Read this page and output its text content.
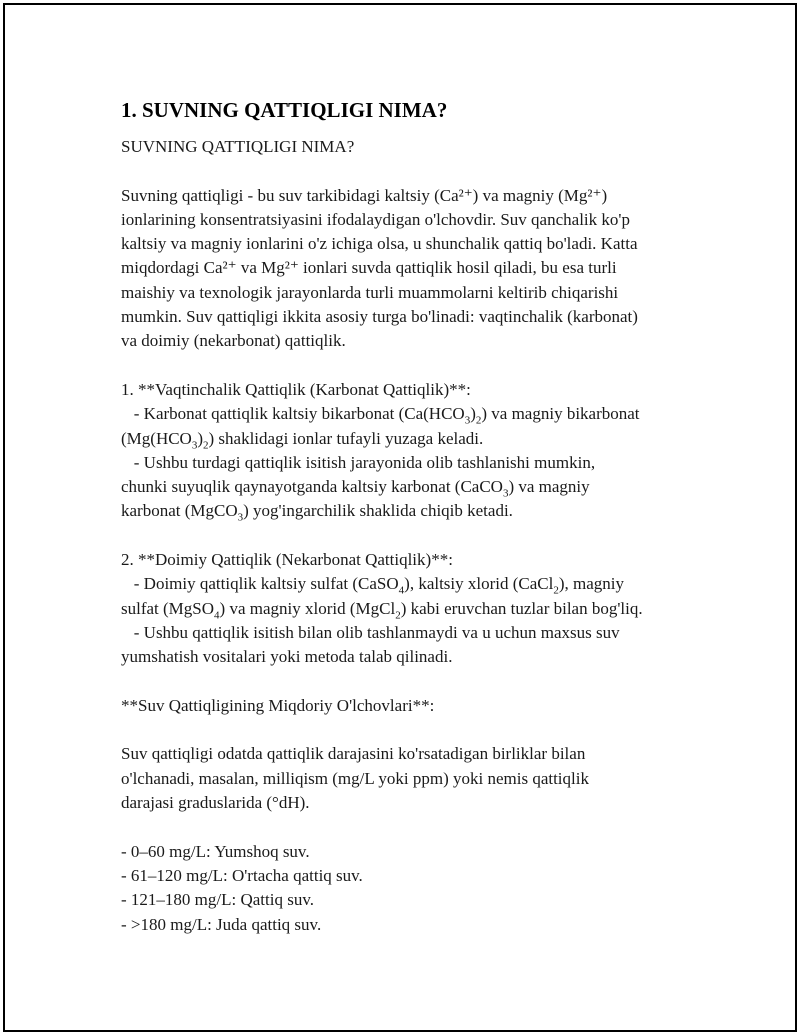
1. SUVNING QATTIQLIGI NIMA?

SUVNING QATTIQLIGI NIMA?

Suvning qattiqligi - bu suv tarkibidagi kaltsiy (Ca²⁺) va magniy (Mg²⁺)

ionlarining konsentratsiyasini ifodalaydigan o'lchovdir. Suv qanchalik ko'p

kaltsiy va magniy ionlarini o'z ichiga olsa, u shunchalik qattiq bo'ladi. Katta

miqdordagi Ca²⁺ va Mg²⁺ ionlari suvda qattiqlik hosil qiladi, bu esa turli

maishiy va texnologik jarayonlarda turli muammolarni keltirib chiqarishi

mumkin. Suv qattiqligi ikkita asosiy turga bo'linadi: vaqtinchalik (karbonat)

va doimiy (nekarbonat) qattiqlik.

1. **Vaqtinchalik Qattiqlik (Karbonat Qattiqlik)**:

- Karbonat qattiqlik kaltsiy bikarbonat $(Ca(HCO_3)_2)$ va magniy bikarbonat

$(Mg(HCO_3)_2)$ shaklidagi ionlar tufayli yuzaga keladi.

- Ushbu turdagi qattiqlik isitish jarayonida olib tashlanishi mumkin,

chunki suyuqlik qaynayotganda kaltsiy karbonat (CaCO$_3$) va magniy

karbonat (MgCO$_3$) yog'ingarchilik shaklida chiqib ketadi.

2. **Doimiy Qattiqlik (Nekarbonat Qattiqlik)**:

- Doimiy qattiqlik kaltsiy sulfat (CaSO$_4$), kaltsiy xlorid (CaCl$_2$), magniy

sulfat (MgSO$_4$) va magniy xlorid (MgCl$_2$) kabi eruvchan tuzlar bilan bog'liq.

- Ushbu qattiqlik isitish bilan olib tashlanmaydi va u uchun maxsus suv

yumshatish vositalari yoki metoda talab qilinadi.

**Suv Qattiqligining Miqdoriy O'lchovlari**:

Suv qattiqligi odatda qattiqlik darajasini ko'rsatadigan birliklar bilan

o'lchanadi, masalan, milliqism (mg/L yoki ppm) yoki nemis qattiqlik

darajasi graduslarida (°dH).

- 0–60 mg/L: Yumshoq suv.

- 61–120 mg/L: O'rtacha qattiq suv.

- 121–180 mg/L: Qattiq suv.

- >180 mg/L: Juda qattiq suv.
